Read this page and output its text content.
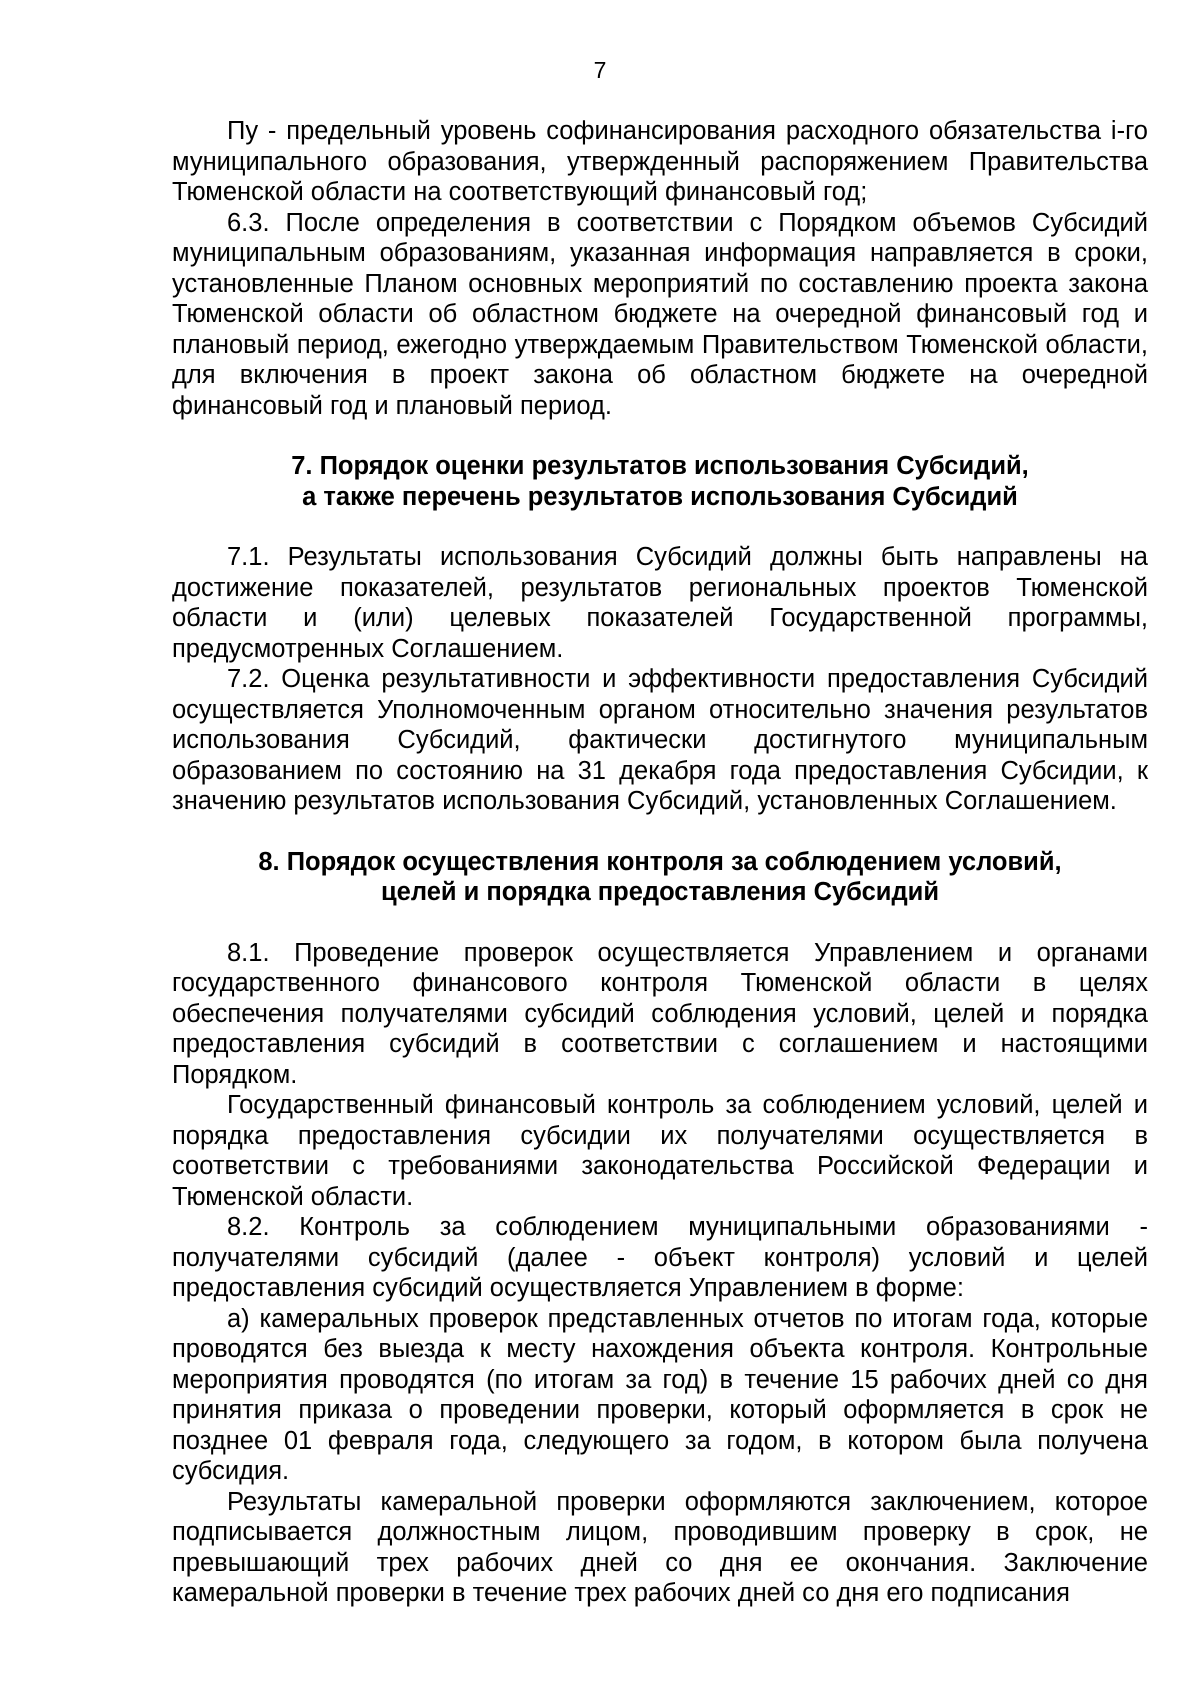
7

Пу - предельный уровень софинансирования расходного обязательства i-го муниципального образования, утвержденный распоряжением Правительства Тюменской области на соответствующий финансовый год;

6.3. После определения в соответствии с Порядком объемов Субсидий муниципальным образованиям, указанная информация направляется в сроки, установленные Планом основных мероприятий по составлению проекта закона Тюменской области об областном бюджете на очередной финансовый год и плановый период, ежегодно утверждаемым Правительством Тюменской области, для включения в проект закона об областном бюджете на очередной финансовый год и плановый период.

7. Порядок оценки результатов использования Субсидий,
а также перечень результатов использования Субсидий

7.1. Результаты использования Субсидий должны быть направлены на достижение показателей, результатов региональных проектов Тюменской области и (или) целевых показателей Государственной программы, предусмотренных Соглашением.

7.2. Оценка результативности и эффективности предоставления Субсидий осуществляется Уполномоченным органом относительно значения результатов использования Субсидий, фактически достигнутого муниципальным образованием по состоянию на 31 декабря года предоставления Субсидии, к значению результатов использования Субсидий, установленных Соглашением.

8. Порядок осуществления контроля за соблюдением условий,
целей и порядка предоставления Субсидий

8.1. Проведение проверок осуществляется Управлением и органами государственного финансового контроля Тюменской области в целях обеспечения получателями субсидий соблюдения условий, целей и порядка предоставления субсидий в соответствии с соглашением и настоящими Порядком.

Государственный финансовый контроль за соблюдением условий, целей и порядка предоставления субсидии их получателями осуществляется в соответствии с требованиями законодательства Российской Федерации и Тюменской области.

8.2. Контроль за соблюдением муниципальными образованиями - получателями субсидий (далее - объект контроля) условий и целей предоставления субсидий осуществляется Управлением в форме:

а) камеральных проверок представленных отчетов по итогам года, которые проводятся без выезда к месту нахождения объекта контроля. Контрольные мероприятия проводятся (по итогам за год) в течение 15 рабочих дней со дня принятия приказа о проведении проверки, который оформляется в срок не позднее 01 февраля года, следующего за годом, в котором была получена субсидия.

Результаты камеральной проверки оформляются заключением, которое подписывается должностным лицом, проводившим проверку в срок, не превышающий трех рабочих дней со дня ее окончания. Заключение камеральной проверки в течение трех рабочих дней со дня его подписания
